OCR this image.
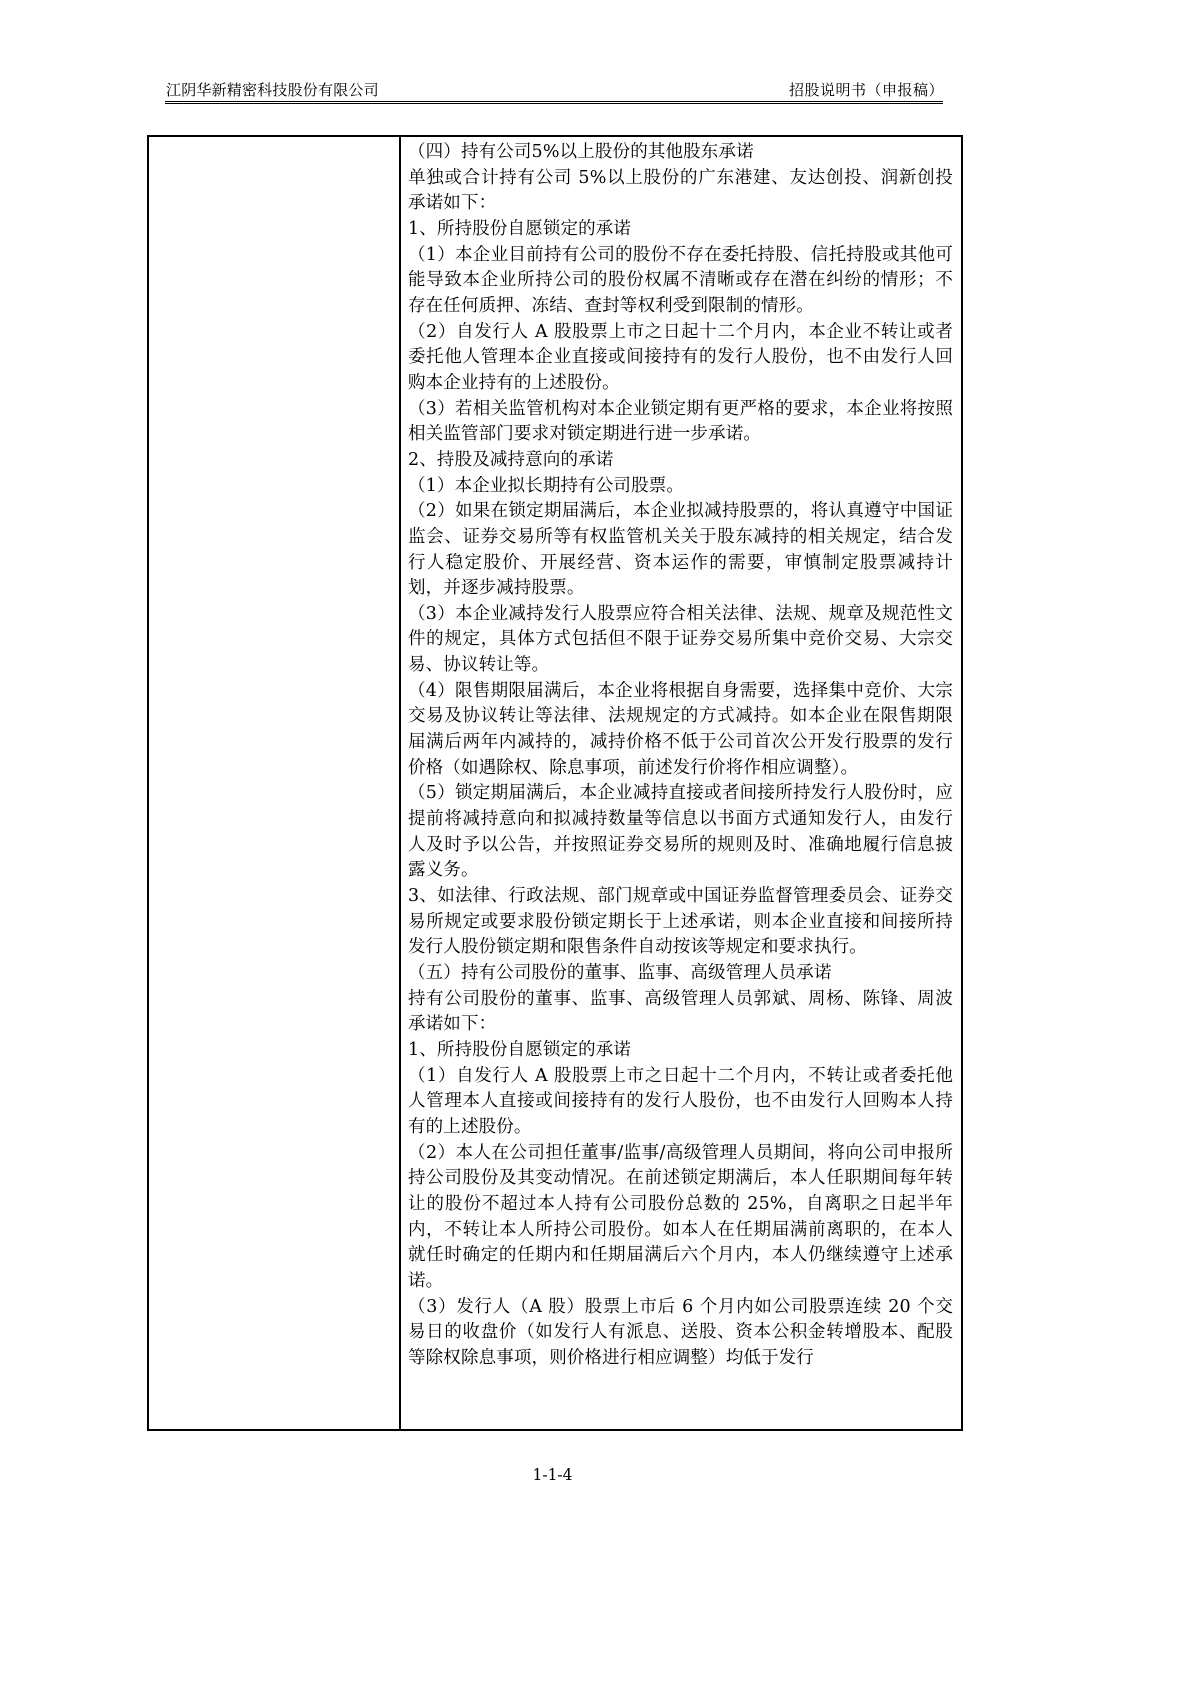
江阴华新精密科技股份有限公司	招股说明书（申报稿）

（四）持有公司5%以上股份的其他股东承诺

单独或合计持有公司 5%以上股份的广东港建、友达创投、润新创投承诺如下：

1、所持股份自愿锁定的承诺

（1）本企业目前持有公司的股份不存在委托持股、信托持股或其他可能导致本企业所持公司的股份权属不清晰或存在潜在纠纷的情形；不存在任何质押、冻结、查封等权利受到限制的情形。

（2）自发行人 A 股股票上市之日起十二个月内，本企业不转让或者委托他人管理本企业直接或间接持有的发行人股份，也不由发行人回购本企业持有的上述股份。

（3）若相关监管机构对本企业锁定期有更严格的要求，本企业将按照相关监管部门要求对锁定期进行进一步承诺。

2、持股及减持意向的承诺

（1）本企业拟长期持有公司股票。

（2）如果在锁定期届满后，本企业拟减持股票的，将认真遵守中国证监会、证券交易所等有权监管机关关于股东减持的相关规定，结合发行人稳定股价、开展经营、资本运作的需要，审慎制定股票减持计划，并逐步减持股票。

（3）本企业减持发行人股票应符合相关法律、法规、规章及规范性文件的规定，具体方式包括但不限于证券交易所集中竞价交易、大宗交易、协议转让等。

（4）限售期限届满后，本企业将根据自身需要，选择集中竞价、大宗交易及协议转让等法律、法规规定的方式减持。如本企业在限售期限届满后两年内减持的，减持价格不低于公司首次公开发行股票的发行价格（如遇除权、除息事项，前述发行价将作相应调整）。

（5）锁定期届满后，本企业减持直接或者间接所持发行人股份时，应提前将减持意向和拟减持数量等信息以书面方式通知发行人，由发行人及时予以公告，并按照证券交易所的规则及时、准确地履行信息披露义务。

3、如法律、行政法规、部门规章或中国证券监督管理委员会、证券交易所规定或要求股份锁定期长于上述承诺，则本企业直接和间接所持发行人股份锁定期和限售条件自动按该等规定和要求执行。

（五）持有公司股份的董事、监事、高级管理人员承诺

持有公司股份的董事、监事、高级管理人员郭斌、周杨、陈锋、周波承诺如下：

1、所持股份自愿锁定的承诺

（1）自发行人 A 股股票上市之日起十二个月内，不转让或者委托他人管理本人直接或间接持有的发行人股份，也不由发行人回购本人持有的上述股份。

（2）本人在公司担任董事/监事/高级管理人员期间，将向公司申报所持公司股份及其变动情况。在前述锁定期满后，本人任职期间每年转让的股份不超过本人持有公司股份总数的 25%，自离职之日起半年内，不转让本人所持公司股份。如本人在任期届满前离职的，在本人就任时确定的任期内和任期届满后六个月内，本人仍继续遵守上述承诺。

（3）发行人（A 股）股票上市后 6 个月内如公司股票连续 20 个交易日的收盘价（如发行人有派息、送股、资本公积金转增股本、配股等除权除息事项，则价格进行相应调整）均低于发行

1-1-4
